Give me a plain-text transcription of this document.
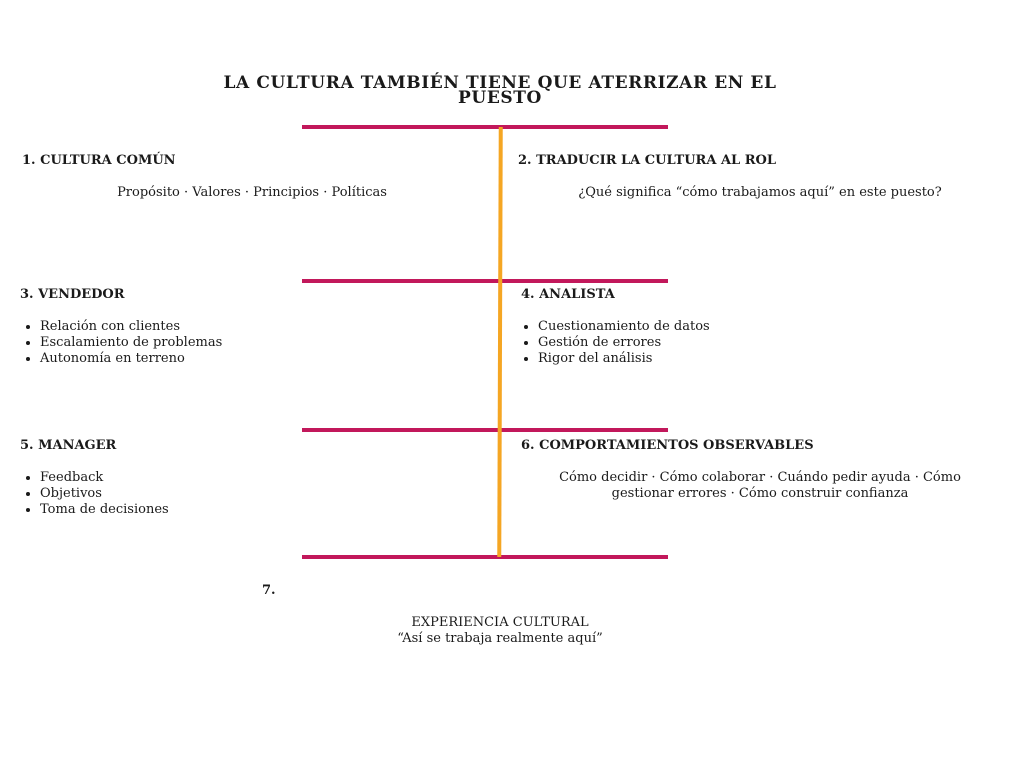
LA CULTURA TAMBIÉN TIENE QUE ATERRIZAR EN EL PUESTO

1. CULTURA COMÚN

Propósito · Valores · Principios · Políticas

2. TRADUCIR LA CULTURA AL ROL

¿Qué significa “cómo trabajamos aquí” en este puesto?

3. VENDEDOR

• Relación con clientes
• Escalamiento de problemas
• Autonomía en terreno

4. ANALISTA

• Cuestionamiento de datos
• Gestión de errores
• Rigor del análisis

5. MANAGER

• Feedback
• Objetivos
• Toma de decisiones

6. COMPORTAMIENTOS OBSERVABLES

Cómo decidir · Cómo colaborar · Cuándo pedir ayuda · Cómo gestionar errores · Cómo construir confianza

7.

EXPERIENCIA CULTURAL

“Así se trabaja realmente aquí”
